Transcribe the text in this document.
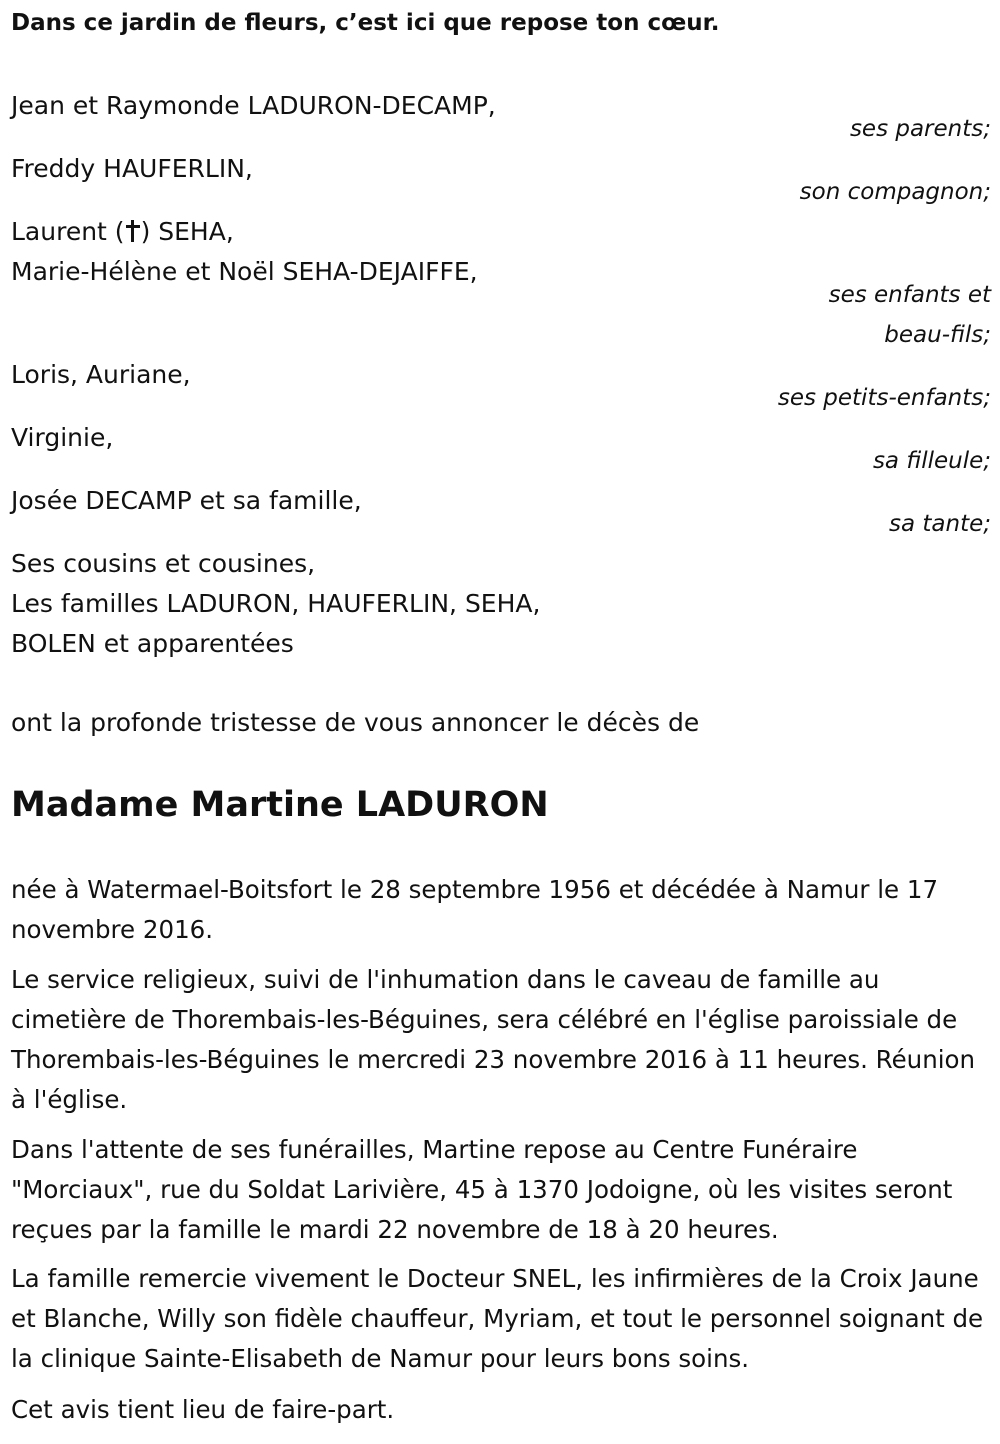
Dans ce jardin de fleurs, c’est ici que repose ton cœur.
Jean et Raymonde LADURON-DECAMP,
ses parents;
Freddy HAUFERLIN,
son compagnon;
Laurent ( ) SEHA,
Marie-Hélène et Noël SEHA-DEJAIFFE,
ses enfants et
beau-fils;
Loris, Auriane,
ses petits-enfants;
Virginie,
sa filleule;
Josée DECAMP et sa famille,
sa tante;
Ses cousins et cousines,
Les familles LADURON, HAUFERLIN, SEHA,
BOLEN et apparentées
ont la profonde tristesse de vous annoncer le décès de
Madame Martine LADURON
née à Watermael-Boitsfort le 28 septembre 1956 et décédée à Namur le 17 novembre 2016.
Le service religieux, suivi de l'inhumation dans le caveau de famille au cimetière de Thorembais-les-Béguines, sera célébré en l'église paroissiale de Thorembais-les-Béguines le mercredi 23 novembre 2016 à 11 heures. Réunion à l'église.
Dans l'attente de ses funérailles, Martine repose au Centre Funéraire "Morciaux", rue du Soldat Larivière, 45 à 1370 Jodoigne, où les visites seront reçues par la famille le mardi 22 novembre de 18 à 20 heures.
La famille remercie vivement le Docteur SNEL, les infirmières de la Croix Jaune et Blanche, Willy son fidèle chauffeur, Myriam, et tout le personnel soignant de la clinique Sainte-Elisabeth de Namur pour leurs bons soins.
Cet avis tient lieu de faire-part.
